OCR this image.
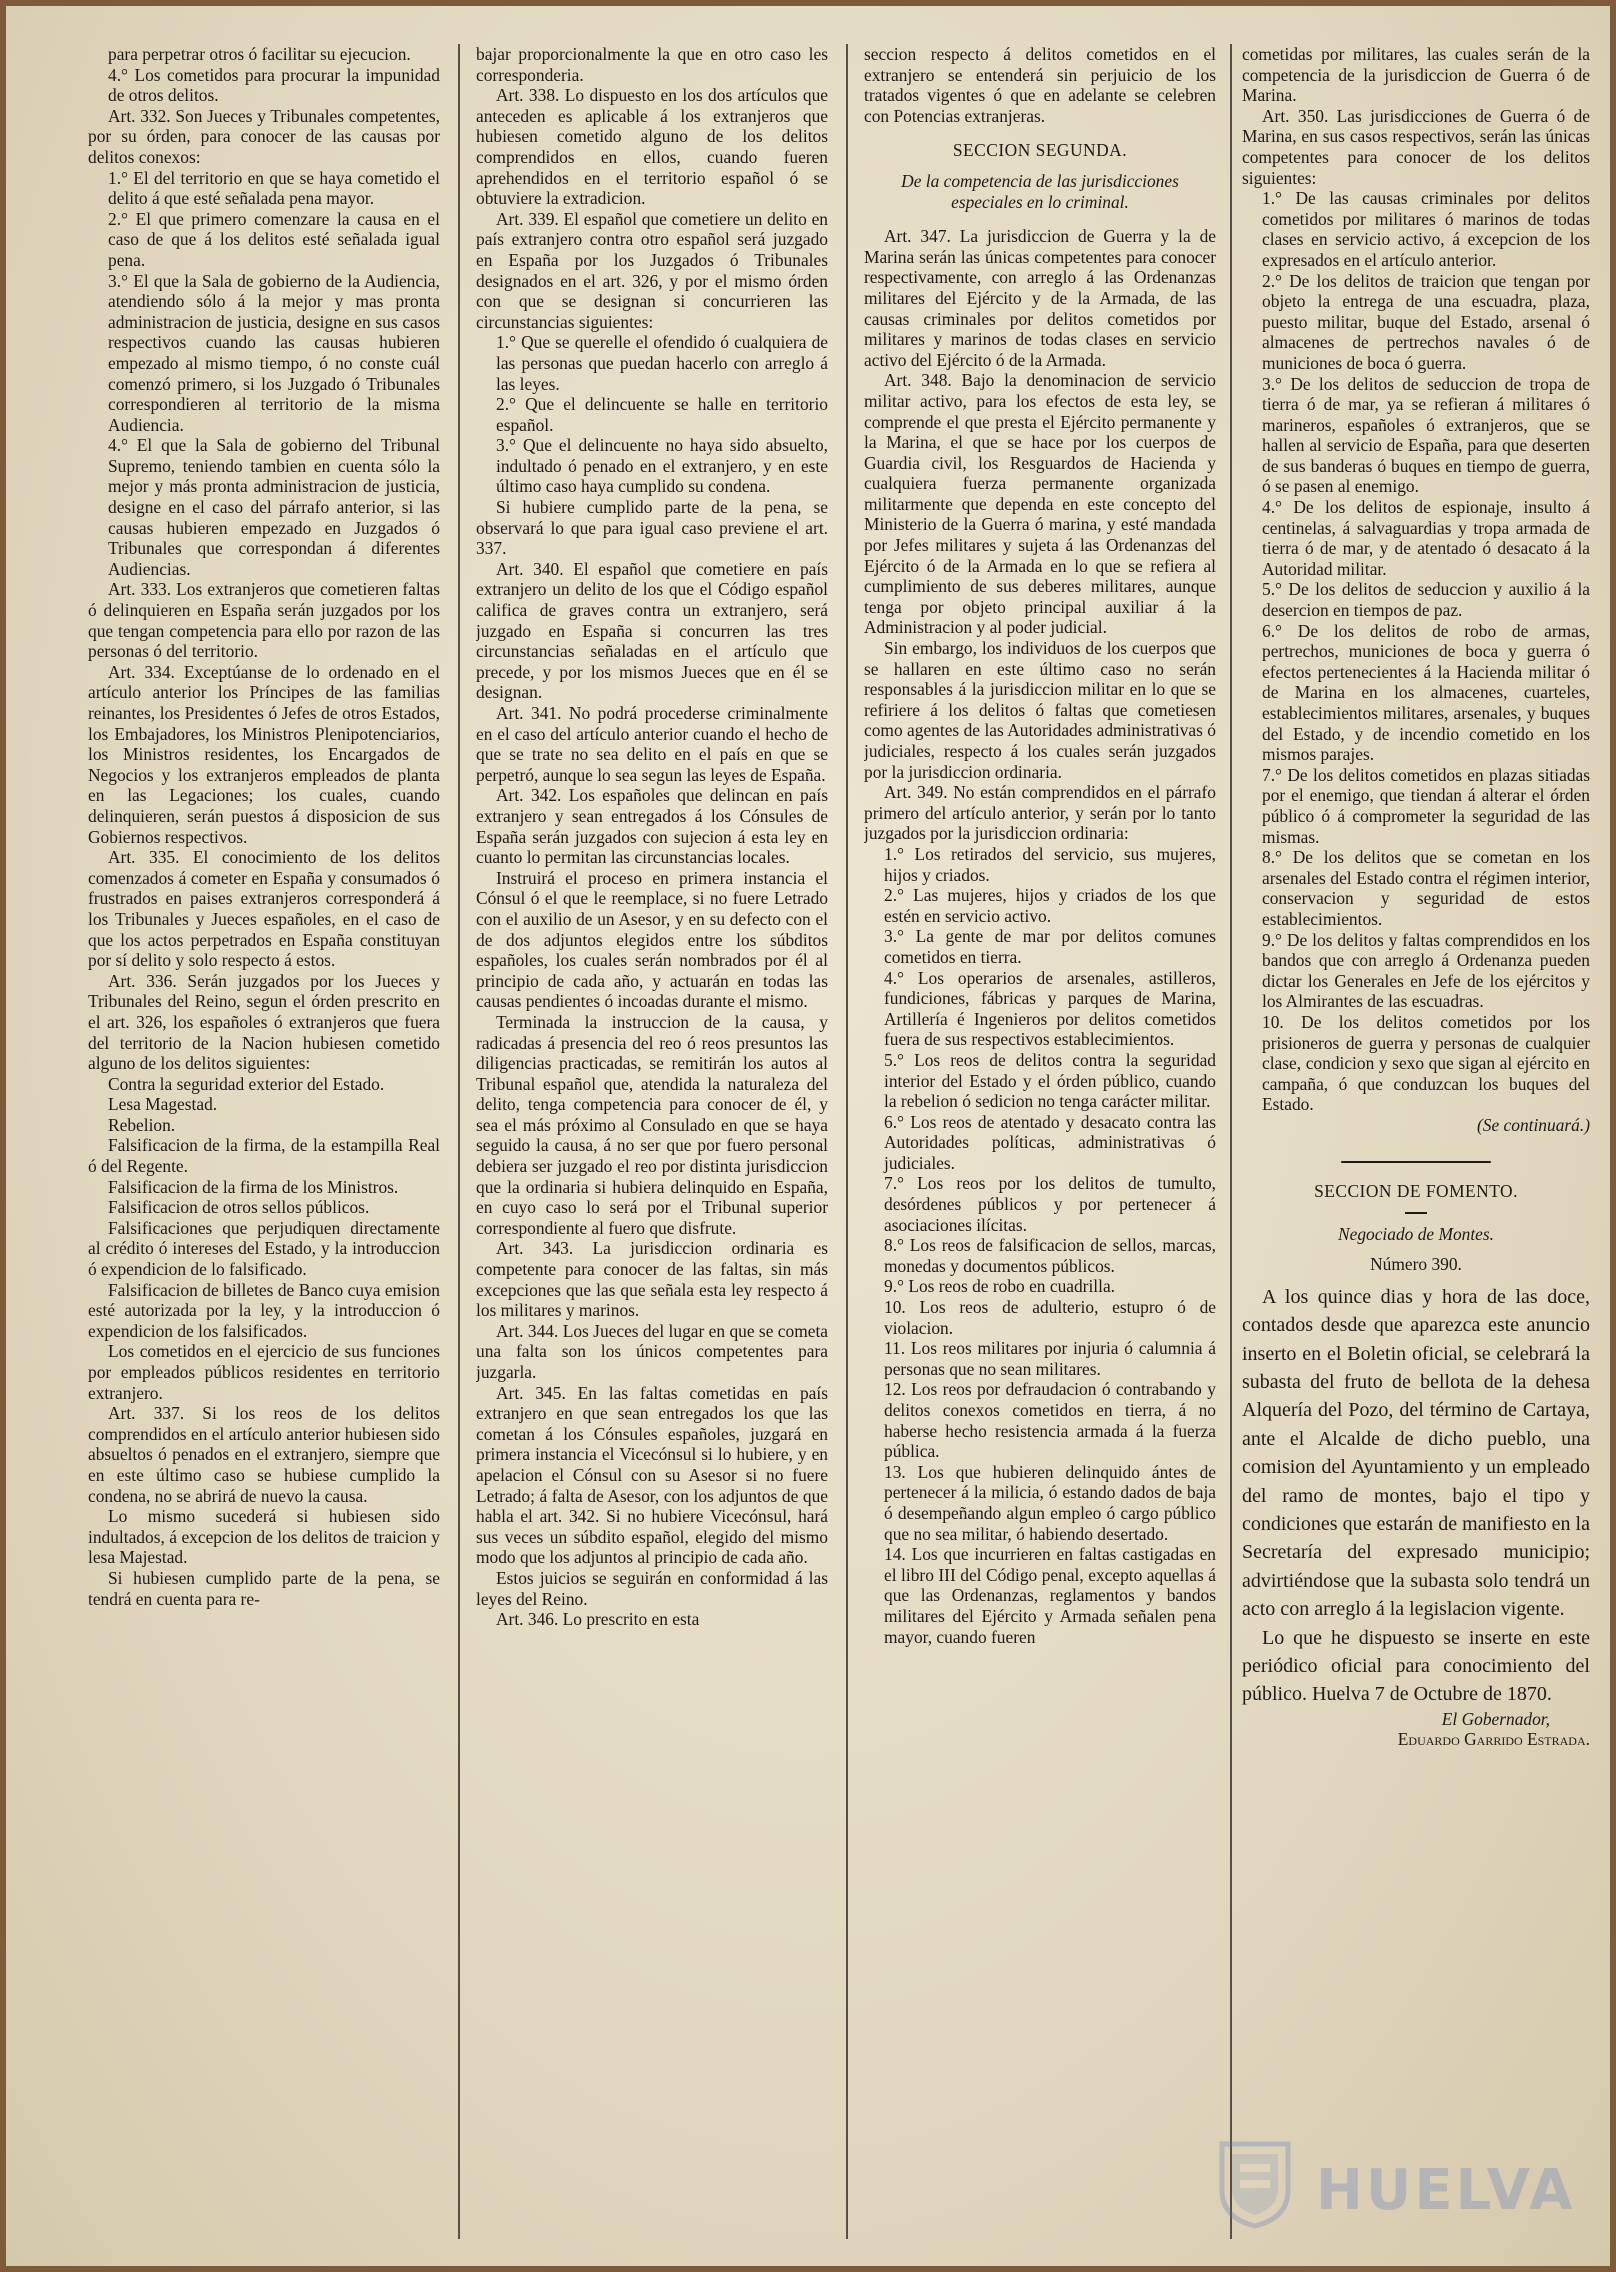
para perpetrar otros ó facilitar su ejecucion.

4.° Los cometidos para procurar la impunidad de otros delitos.

Art. 332. Son Jueces y Tribunales competentes, por su órden, para conocer de las causas por delitos conexos:

1.° El del territorio en que se haya cometido el delito á que esté señalada pena mayor.

2.° El que primero comenzare la causa en el caso de que á los delitos esté señalada igual pena.

3.° El que la Sala de gobierno de la Audiencia, atendiendo sólo á la mejor y mas pronta administracion de justicia, designe en sus casos respectivos cuando las causas hubieren empezado al mismo tiempo, ó no conste cuál comenzó primero, si los Juzgado ó Tribunales correspondieren al territorio de la misma Audiencia.

4.° El que la Sala de gobierno del Tribunal Supremo, teniendo tambien en cuenta sólo la mejor y más pronta administracion de justicia, designe en el caso del párrafo anterior, si las causas hubieren empezado en Juzgados ó Tribunales que correspondan á diferentes Audiencias.

Art. 333. Los extranjeros que cometieren faltas ó delinquieren en España serán juzgados por los que tengan competencia para ello por razon de las personas ó del territorio.

Art. 334. Exceptúanse de lo ordenado en el artículo anterior los Príncipes de las familias reinantes, los Presidentes ó Jefes de otros Estados, los Embajadores, los Ministros Plenipotenciarios, los Ministros residentes, los Encargados de Negocios y los extranjeros empleados de planta en las Legaciones; los cuales, cuando delinquieren, serán puestos á disposicion de sus Gobiernos respectivos.

Art. 335. El conocimiento de los delitos comenzados á cometer en España y consumados ó frustrados en paises extranjeros corresponderá á los Tribunales y Jueces españoles, en el caso de que los actos perpetrados en España constituyan por sí delito y solo respecto á estos.

Art. 336. Serán juzgados por los Jueces y Tribunales del Reino, segun el órden prescrito en el art. 326, los españoles ó extranjeros que fuera del territorio de la Nacion hubiesen cometido alguno de los delitos siguientes:

Contra la seguridad exterior del Estado.

Lesa Magestad.

Rebelion.

Falsificacion de la firma, de la estampilla Real ó del Regente.

Falsificacion de la firma de los Ministros.

Falsificacion de otros sellos públicos.

Falsificaciones que perjudiquen directamente al crédito ó intereses del Estado, y la introduccion ó expendicion de lo falsificado.

Falsificacion de billetes de Banco cuya emision esté autorizada por la ley, y la introduccion ó expendicion de los falsificados.

Los cometidos en el ejercicio de sus funciones por empleados públicos residentes en territorio extranjero.

Art. 337. Si los reos de los delitos comprendidos en el artículo anterior hubiesen sido absueltos ó penados en el extranjero, siempre que en este último caso se hubiese cumplido la condena, no se abrirá de nuevo la causa.

Lo mismo sucederá si hubiesen sido indultados, á excepcion de los delitos de traicion y lesa Majestad.

Si hubiesen cumplido parte de la pena, se tendrá en cuenta para re-

bajar proporcionalmente la que en otro caso les corresponderia.

Art. 338. Lo dispuesto en los dos artículos que anteceden es aplicable á los extranjeros que hubiesen cometido alguno de los delitos comprendidos en ellos, cuando fueren aprehendidos en el territorio español ó se obtuviere la extradicion.

Art. 339. El español que cometiere un delito en país extranjero contra otro español será juzgado en España por los Juzgados ó Tribunales designados en el art. 326, y por el mismo órden con que se designan si concurrieren las circunstancias siguientes:

1.° Que se querelle el ofendido ó cualquiera de las personas que puedan hacerlo con arreglo á las leyes.

2.° Que el delincuente se halle en territorio español.

3.° Que el delincuente no haya sido absuelto, indultado ó penado en el extranjero, y en este último caso haya cumplido su condena.

Si hubiere cumplido parte de la pena, se observará lo que para igual caso previene el art. 337.

Art. 340. El español que cometiere en país extranjero un delito de los que el Código español califica de graves contra un extranjero, será juzgado en España si concurren las tres circunstancias señaladas en el artículo que precede, y por los mismos Jueces que en él se designan.

Art. 341. No podrá procederse criminalmente en el caso del artículo anterior cuando el hecho de que se trate no sea delito en el país en que se perpetró, aunque lo sea segun las leyes de España.

Art. 342. Los españoles que delincan en país extranjero y sean entregados á los Cónsules de España serán juzgados con sujecion á esta ley en cuanto lo permitan las circunstancias locales.

Instruirá el proceso en primera instancia el Cónsul ó el que le reemplace, si no fuere Letrado con el auxilio de un Asesor, y en su defecto con el de dos adjuntos elegidos entre los súbditos españoles, los cuales serán nombrados por él al principio de cada año, y actuarán en todas las causas pendientes ó incoadas durante el mismo.

Terminada la instruccion de la causa, y radicadas á presencia del reo ó reos presuntos las diligencias practicadas, se remitirán los autos al Tribunal español que, atendida la naturaleza del delito, tenga competencia para conocer de él, y sea el más próximo al Consulado en que se haya seguido la causa, á no ser que por fuero personal debiera ser juzgado el reo por distinta jurisdiccion que la ordinaria si hubiera delinquido en España, en cuyo caso lo será por el Tribunal superior correspondiente al fuero que disfrute.

Art. 343. La jurisdiccion ordinaria es competente para conocer de las faltas, sin más excepciones que las que señala esta ley respecto á los militares y marinos.

Art. 344. Los Jueces del lugar en que se cometa una falta son los únicos competentes para juzgarla.

Art. 345. En las faltas cometidas en país extranjero en que sean entregados los que las cometan á los Cónsules españoles, juzgará en primera instancia el Vicecónsul si lo hubiere, y en apelacion el Cónsul con su Asesor si no fuere Letrado; á falta de Asesor, con los adjuntos de que habla el art. 342. Si no hubiere Vicecónsul, hará sus veces un súbdito español, elegido del mismo modo que los adjuntos al principio de cada año.

Estos juicios se seguirán en conformidad á las leyes del Reino.

Art. 346. Lo prescrito en esta

seccion respecto á delitos cometidos en el extranjero se entenderá sin perjuicio de los tratados vigentes ó que en adelante se celebren con Potencias extranjeras.

SECCION SEGUNDA.

De la competencia de las jurisdicciones especiales en lo criminal.

Art. 347. La jurisdiccion de Guerra y la de Marina serán las únicas competentes para conocer respectivamente, con arreglo á las Ordenanzas militares del Ejército y de la Armada, de las causas criminales por delitos cometidos por militares y marinos de todas clases en servicio activo del Ejército ó de la Armada.

Art. 348. Bajo la denominacion de servicio militar activo, para los efectos de esta ley, se comprende el que presta el Ejército permanente y la Marina, el que se hace por los cuerpos de Guardia civil, los Resguardos de Hacienda y cualquiera fuerza permanente organizada militarmente que dependa en este concepto del Ministerio de la Guerra ó marina, y esté mandada por Jefes militares y sujeta á las Ordenanzas del Ejército ó de la Armada en lo que se refiera al cumplimiento de sus deberes militares, aunque tenga por objeto principal auxiliar á la Administracion y al poder judicial.

Sin embargo, los individuos de los cuerpos que se hallaren en este último caso no serán responsables á la jurisdiccion militar en lo que se refiriere á los delitos ó faltas que cometiesen como agentes de las Autoridades administrativas ó judiciales, respecto á los cuales serán juzgados por la jurisdiccion ordinaria.

Art. 349. No están comprendidos en el párrafo primero del artículo anterior, y serán por lo tanto juzgados por la jurisdiccion ordinaria:

1.° Los retirados del servicio, sus mujeres, hijos y criados.

2.° Las mujeres, hijos y criados de los que estén en servicio activo.

3.° La gente de mar por delitos comunes cometidos en tierra.

4.° Los operarios de arsenales, astilleros, fundiciones, fábricas y parques de Marina, Artillería é Ingenieros por delitos cometidos fuera de sus respectivos establecimientos.

5.° Los reos de delitos contra la seguridad interior del Estado y el órden público, cuando la rebelion ó sedicion no tenga carácter militar.

6.° Los reos de atentado y desacato contra las Autoridades políticas, administrativas ó judiciales.

7.° Los reos por los delitos de tumulto, desórdenes públicos y por pertenecer á asociaciones ilícitas.

8.° Los reos de falsificacion de sellos, marcas, monedas y documentos públicos.

9.° Los reos de robo en cuadrilla.

10. Los reos de adulterio, estupro ó de violacion.

11. Los reos militares por injuria ó calumnia á personas que no sean militares.

12. Los reos por defraudacion ó contrabando y delitos conexos cometidos en tierra, á no haberse hecho resistencia armada á la fuerza pública.

13. Los que hubieren delinquido ántes de pertenecer á la milicia, ó estando dados de baja ó desempeñando algun empleo ó cargo público que no sea militar, ó habiendo desertado.

14. Los que incurrieren en faltas castigadas en el libro III del Código penal, excepto aquellas á que las Ordenanzas, reglamentos y bandos militares del Ejército y Armada señalen pena mayor, cuando fueren

cometidas por militares, las cuales serán de la competencia de la jurisdiccion de Guerra ó de Marina.

Art. 350. Las jurisdicciones de Guerra ó de Marina, en sus casos respectivos, serán las únicas competentes para conocer de los delitos siguientes:

1.° De las causas criminales por delitos cometidos por militares ó marinos de todas clases en servicio activo, á excepcion de los expresados en el artículo anterior.

2.° De los delitos de traicion que tengan por objeto la entrega de una escuadra, plaza, puesto militar, buque del Estado, arsenal ó almacenes de pertrechos navales ó de municiones de boca ó guerra.

3.° De los delitos de seduccion de tropa de tierra ó de mar, ya se refieran á militares ó marineros, españoles ó extranjeros, que se hallen al servicio de España, para que deserten de sus banderas ó buques en tiempo de guerra, ó se pasen al enemigo.

4.° De los delitos de espionaje, insulto á centinelas, á salvaguardias y tropa armada de tierra ó de mar, y de atentado ó desacato á la Autoridad militar.

5.° De los delitos de seduccion y auxilio á la desercion en tiempos de paz.

6.° De los delitos de robo de armas, pertrechos, municiones de boca y guerra ó efectos pertenecientes á la Hacienda militar ó de Marina en los almacenes, cuarteles, establecimientos militares, arsenales, y buques del Estado, y de incendio cometido en los mismos parajes.

7.° De los delitos cometidos en plazas sitiadas por el enemigo, que tiendan á alterar el órden público ó á comprometer la seguridad de las mismas.

8.° De los delitos que se cometan en los arsenales del Estado contra el régimen interior, conservacion y seguridad de estos establecimientos.

9.° De los delitos y faltas comprendidos en los bandos que con arreglo á Ordenanza pueden dictar los Generales en Jefe de los ejércitos y los Almirantes de las escuadras.

10. De los delitos cometidos por los prisioneros de guerra y personas de cualquier clase, condicion y sexo que sigan al ejército en campaña, ó que conduzcan los buques del Estado.

(Se continuará.)

SECCION DE FOMENTO.

Negociado de Montes.

Número 390.

A los quince dias y hora de las doce, contados desde que aparezca este anuncio inserto en el Boletin oficial, se celebrará la subasta del fruto de bellota de la dehesa Alquería del Pozo, del término de Cartaya, ante el Alcalde de dicho pueblo, una comision del Ayuntamiento y un empleado del ramo de montes, bajo el tipo y condiciones que estarán de manifiesto en la Secretaría del expresado municipio; advirtiéndose que la subasta solo tendrá un acto con arreglo á la legislacion vigente.

Lo que he dispuesto se inserte en este periódico oficial para conocimiento del público. Huelva 7 de Octubre de 1870.

El Gobernador,

Eduardo Garrido Estrada.

HUELVA
